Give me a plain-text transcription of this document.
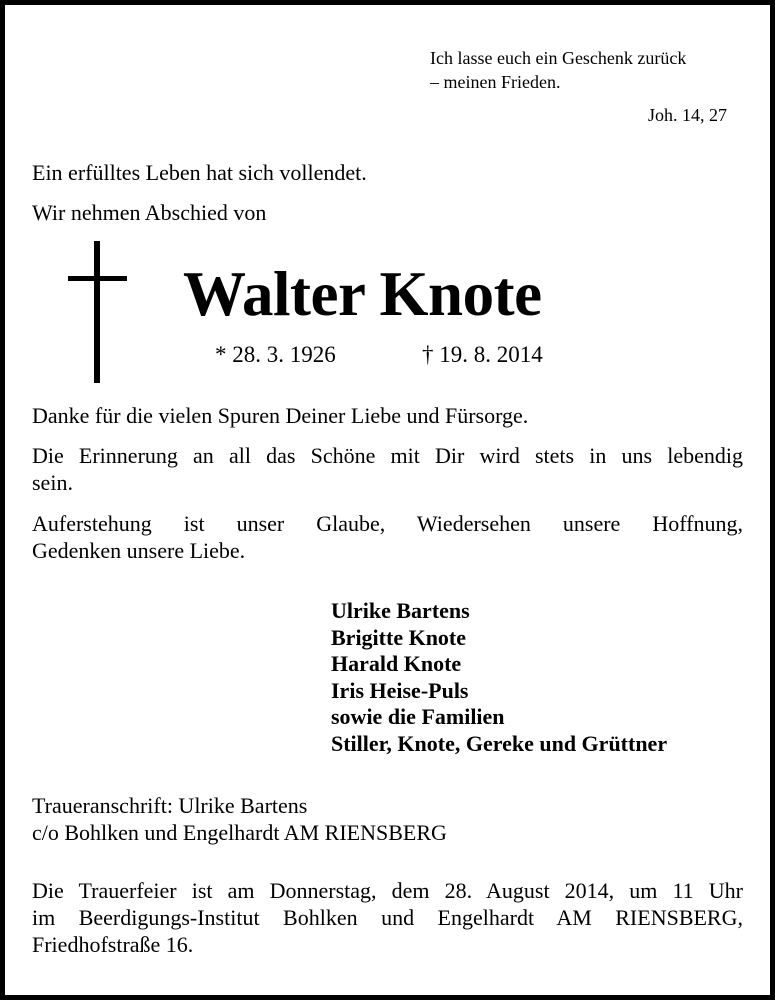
Ich lasse euch ein Geschenk zurück
– meinen Frieden.
Joh. 14, 27
Ein erfülltes Leben hat sich vollendet.
Wir nehmen Abschied von
Walter Knote
* 28. 3. 1926	† 19. 8. 2014
Danke für die vielen Spuren Deiner Liebe und Fürsorge.
Die Erinnerung an all das Schöne mit Dir wird stets in uns lebendig
sein.
Auferstehung ist unser Glaube, Wiedersehen unsere Hoffnung,
Gedenken unsere Liebe.
Ulrike Bartens
Brigitte Knote
Harald Knote
Iris Heise-Puls
sowie die Familien
Stiller, Knote, Gereke und Grüttner
Traueranschrift: Ulrike Bartens
c/o Bohlken und Engelhardt AM RIENSBERG
Die Trauerfeier ist am Donnerstag, dem 28. August 2014, um 11 Uhr
im Beerdigungs-Institut Bohlken und Engelhardt AM RIENSBERG,
Friedhofstraße 16.
